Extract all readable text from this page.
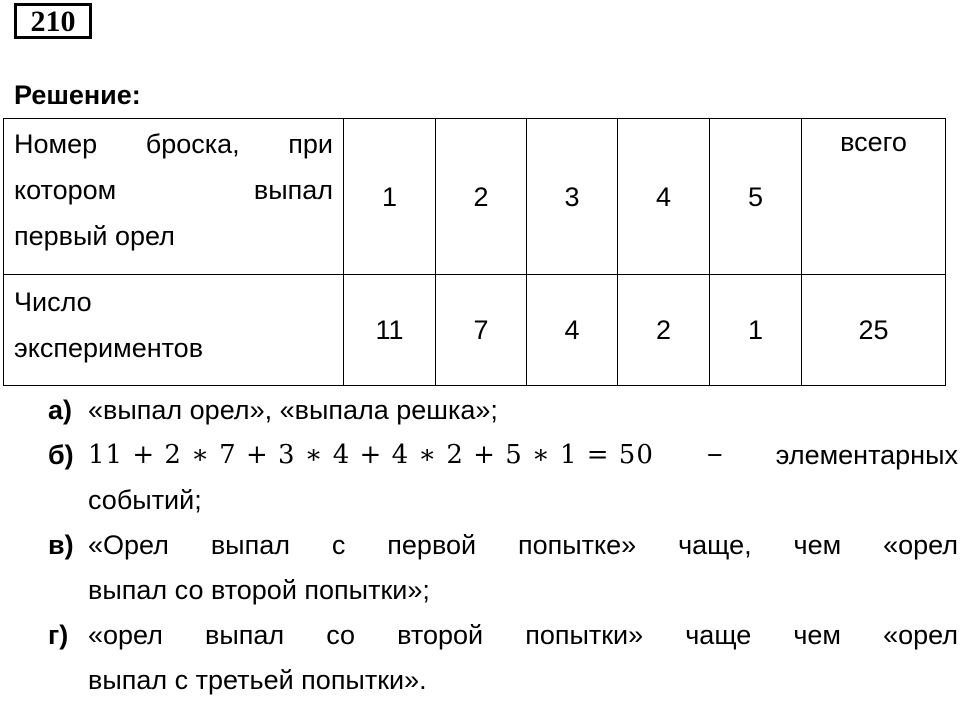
210
Решение:
Номер броска, при
котором выпал
первый орел	1	2	3	4	5	всего

Число
экспериментов	11	7	4	2	1	25
а) «выпал орел», «выпала решка»;
б) 11 + 2 ∗ 7 + 3 ∗ 4 + 4 ∗ 2 + 5 ∗ 1 = 50 − элементарных
событий;
в) «Орел выпал с первой попытке» чаще, чем «орел
выпал со второй попытки»;
г) «орел выпал со второй попытки» чаще чем «орел
выпал с третьей попытки».
